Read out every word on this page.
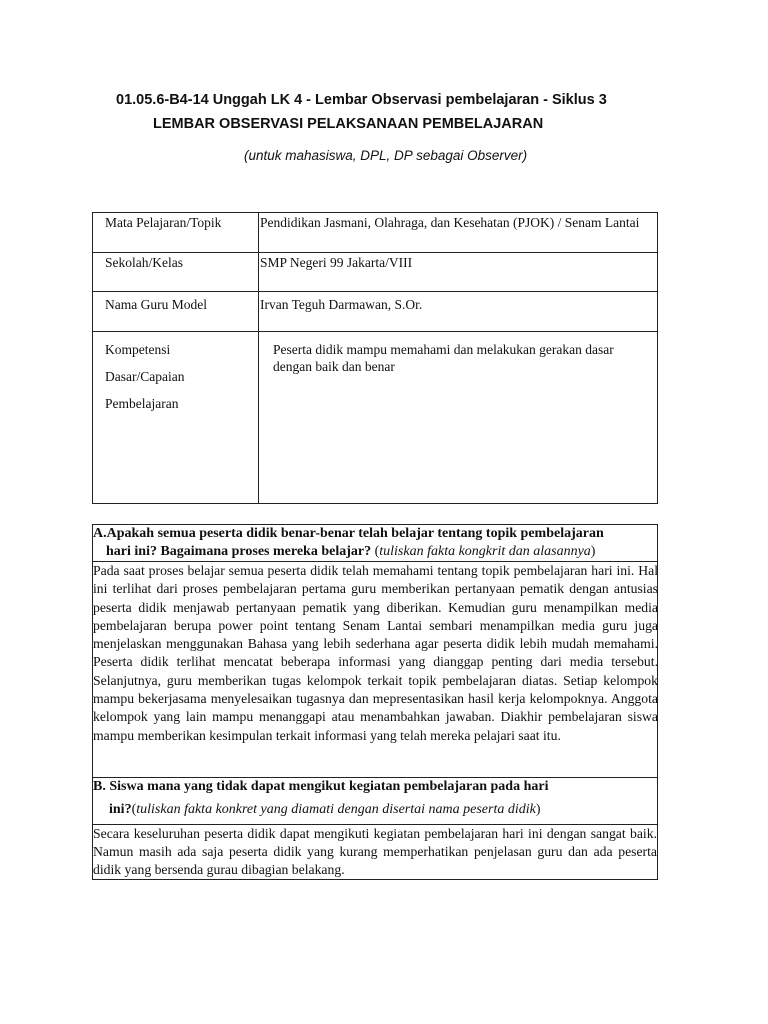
01.05.6-B4-14 Unggah LK 4 - Lembar Observasi pembelajaran - Siklus 3
LEMBAR OBSERVASI PELAKSANAAN PEMBELAJARAN
(untuk mahasiswa, DPL, DP sebagai Observer)
Mata Pelajaran/Topik	Pendidikan Jasmani, Olahraga, dan Kesehatan (PJOK) / Senam Lantai
Sekolah/Kelas	SMP Negeri 99 Jakarta/VIII
Nama Guru Model	Irvan Teguh Darmawan, S.Or.

Kompetensi
Dasar/Capaian
Pembelajaran	Peserta didik mampu memahami dan melakukan gerakan dasar dengan baik dan benar
A.Apakah semua peserta didik benar-benar telah belajar tentang topik pembelajaran
hari ini? Bagaimana proses mereka belajar? (tuliskan fakta kongkrit dan alasannya)

Pada saat proses belajar semua peserta didik telah memahami tentang topik pembelajaran hari ini. Hal ini terlihat dari proses pembelajaran pertama guru memberikan pertanyaan pematik dengan antusias peserta didik menjawab pertanyaan pematik yang diberikan. Kemudian guru menampilkan media pembelajaran berupa power point tentang Senam Lantai sembari menampilkan media guru juga menjelaskan menggunakan Bahasa yang lebih sederhana agar peserta didik lebih mudah memahami. Peserta didik terlihat mencatat beberapa informasi yang dianggap penting dari media tersebut. Selanjutnya, guru memberikan tugas kelompok terkait topik pembelajaran diatas. Setiap kelompok mampu bekerjasama menyelesaikan tugasnya dan mepresentasikan hasil kerja kelompoknya. Anggota kelompok yang lain mampu menanggapi atau menambahkan jawaban. Diakhir pembelajaran siswa mampu memberikan kesimpulan terkait informasi yang telah mereka pelajari saat itu.

B. Siswa mana yang tidak dapat mengikut kegiatan pembelajaran pada hari
ini?(tuliskan fakta konkret yang diamati dengan disertai nama peserta didik)

Secara keseluruhan peserta didik dapat mengikuti kegiatan pembelajaran hari ini dengan sangat baik. Namun masih ada saja peserta didik yang kurang memperhatikan penjelasan guru dan ada peserta didik yang bersenda gurau dibagian belakang.
